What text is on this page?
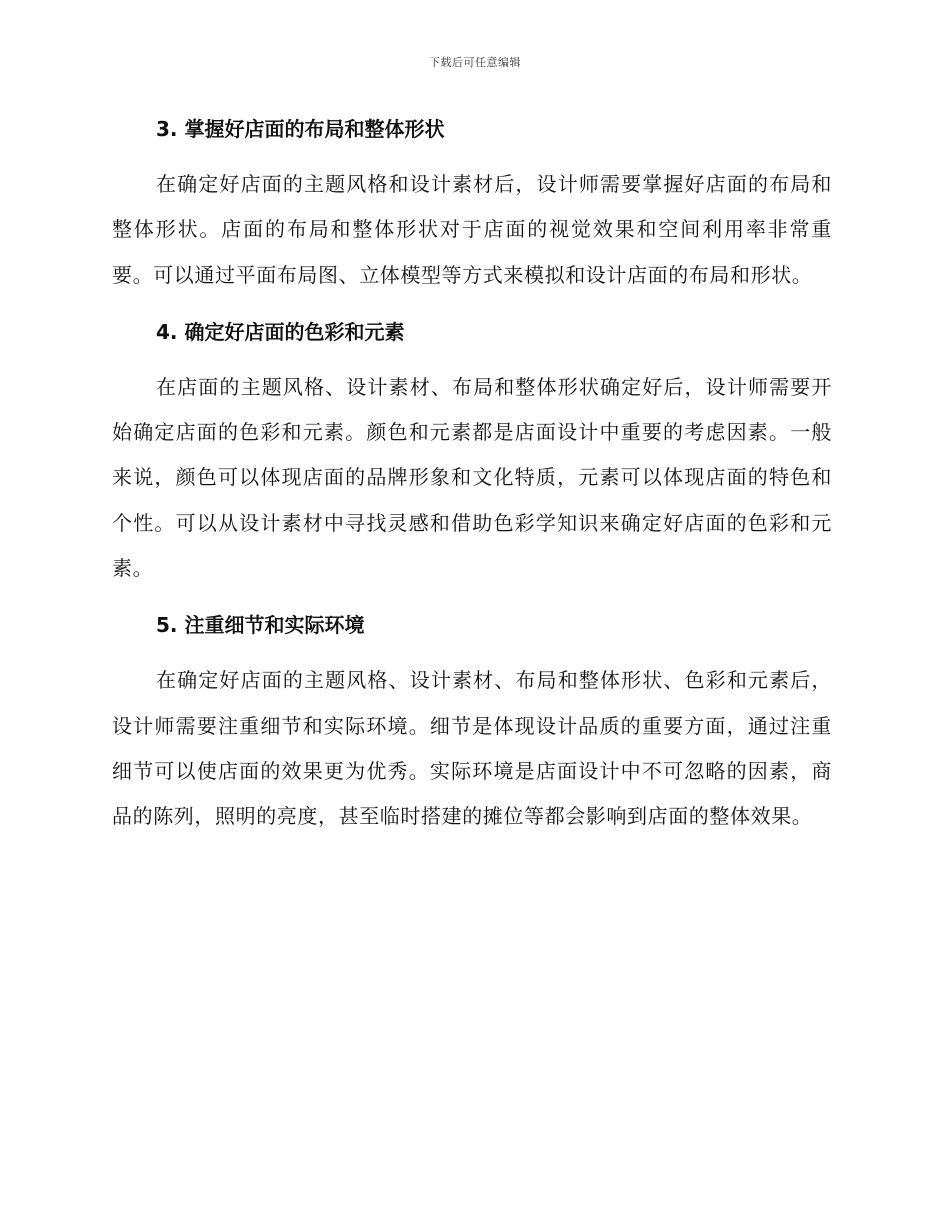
下载后可任意编辑
3. 掌握好店面的布局和整体形状

在确定好店面的主题风格和设计素材后，设计师需要掌握好店面的布局和整体形状。店面的布局和整体形状对于店面的视觉效果和空间利用率非常重要。可以通过平面布局图、立体模型等方式来模拟和设计店面的布局和形状。

4. 确定好店面的色彩和元素

在店面的主题风格、设计素材、布局和整体形状确定好后，设计师需要开始确定店面的色彩和元素。颜色和元素都是店面设计中重要的考虑因素。一般来说，颜色可以体现店面的品牌形象和文化特质，元素可以体现店面的特色和个性。可以从设计素材中寻找灵感和借助色彩学知识来确定好店面的色彩和元素。

5. 注重细节和实际环境

在确定好店面的主题风格、设计素材、布局和整体形状、色彩和元素后，设计师需要注重细节和实际环境。细节是体现设计品质的重要方面，通过注重细节可以使店面的效果更为优秀。实际环境是店面设计中不可忽略的因素，商品的陈列，照明的亮度，甚至临时搭建的摊位等都会影响到店面的整体效果。
